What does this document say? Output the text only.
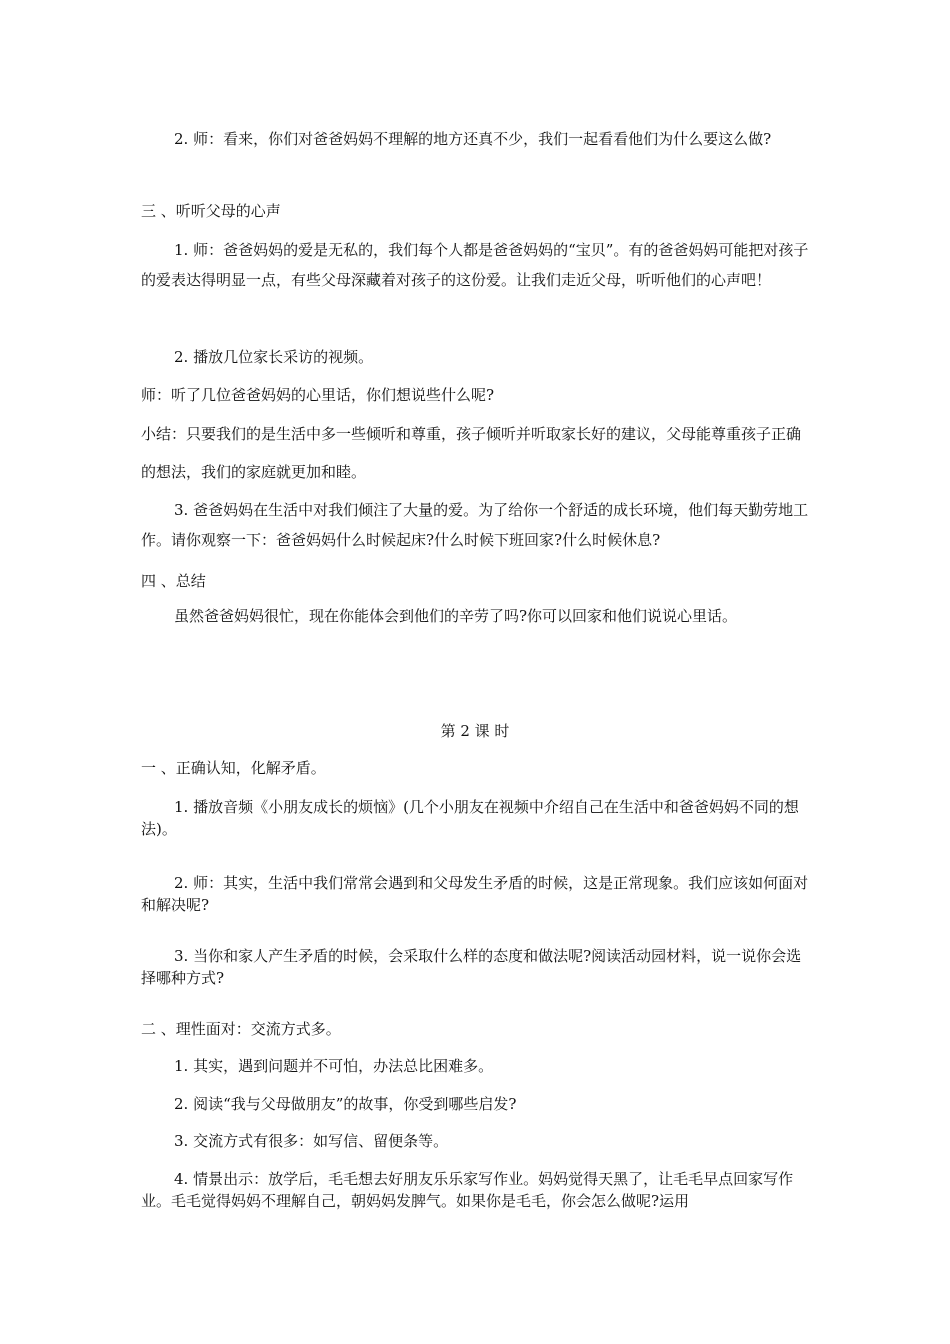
2. 师：看来，你们对爸爸妈妈不理解的地方还真不少，我们一起看看他们为什么要这么做?

三 、听听父母的心声

1. 师：爸爸妈妈的爱是无私的，我们每个人都是爸爸妈妈的“宝贝”。有的爸爸妈妈可能把对孩子的爱表达得明显一点，有些父母深藏着对孩子的这份爱。让我们走近父母，听听他们的心声吧！

2. 播放几位家长采访的视频。

师：听了几位爸爸妈妈的心里话，你们想说些什么呢?

小结：只要我们的是生活中多一些倾听和尊重，孩子倾听并听取家长好的建议，父母能尊重孩子正确的想法，我们的家庭就更加和睦。

3. 爸爸妈妈在生活中对我们倾注了大量的爱。为了给你一个舒适的成长环境，他们每天勤劳地工作。请你观察一下：爸爸妈妈什么时候起床?什么时候下班回家?什么时候休息?

四 、总结

虽然爸爸妈妈很忙，现在你能体会到他们的辛劳了吗?你可以回家和他们说说心里话。

第 2 课 时

一 、正确认知，化解矛盾。

1. 播放音频《小朋友成长的烦恼》(几个小朋友在视频中介绍自己在生活中和爸爸妈妈不同的想法)。

2. 师：其实，生活中我们常常会遇到和父母发生矛盾的时候，这是正常现象。我们应该如何面对和解决呢?

3. 当你和家人产生矛盾的时候，会采取什么样的态度和做法呢?阅读活动园材料，说一说你会选择哪种方式?

二 、理性面对：交流方式多。

1. 其实，遇到问题并不可怕，办法总比困难多。

2. 阅读“我与父母做朋友”的故事，你受到哪些启发?

3. 交流方式有很多：如写信、留便条等。

4. 情景出示：放学后，毛毛想去好朋友乐乐家写作业。妈妈觉得天黑了，让毛毛早点回家写作业。毛毛觉得妈妈不理解自己，朝妈妈发脾气。如果你是毛毛，你会怎么做呢?运用
